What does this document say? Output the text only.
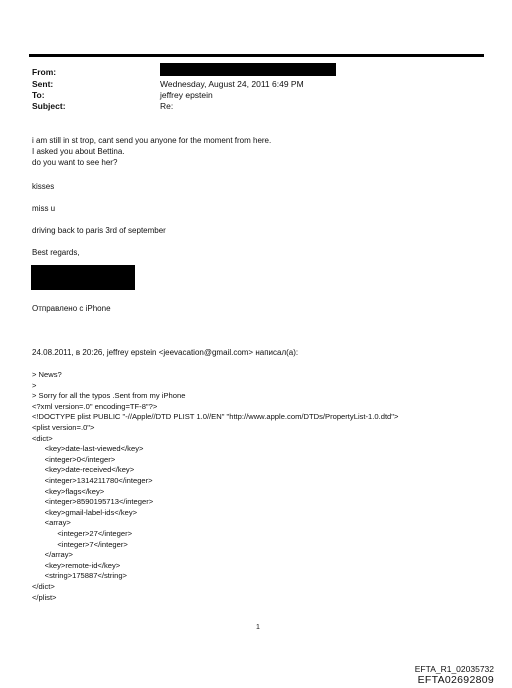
From:
Sent:	Wednesday, August 24, 2011 6:49 PM
To:	jeffrey epstein
Subject:	Re:
i am still in st trop, cant send you anyone for the moment from here.
I asked you about Bettina.
do you want to see her?
kisses
miss u
driving back to paris 3rd of september
Best regards,
Отправлено с iPhone
24.08.2011, в 20:26, jeffrey epstein <jeevacation@gmail.com> написал(а):
> News?
>
> Sorry for all the typos .Sent from my iPhone
<?xml version=.0" encoding=TF-8"?>
<!DOCTYPE plist PUBLIC "-//Apple//DTD PLIST 1.0//EN" "http://www.apple.com/DTDs/PropertyList-1.0.dtd">
<plist version=.0">
<dict>
<key>date-last-viewed</key>
<integer>0</integer>
<key>date-received</key>
<integer>1314211780</integer>
<key>flags</key>
<integer>8590195713</integer>
<key>gmail-label-ids</key>
<array>
<integer>27</integer>
<integer>7</integer>
</array>
<key>remote-id</key>
<string>175887</string>
</dict>
</plist>
1
EFTA_R1_02035732
EFTA02692809
